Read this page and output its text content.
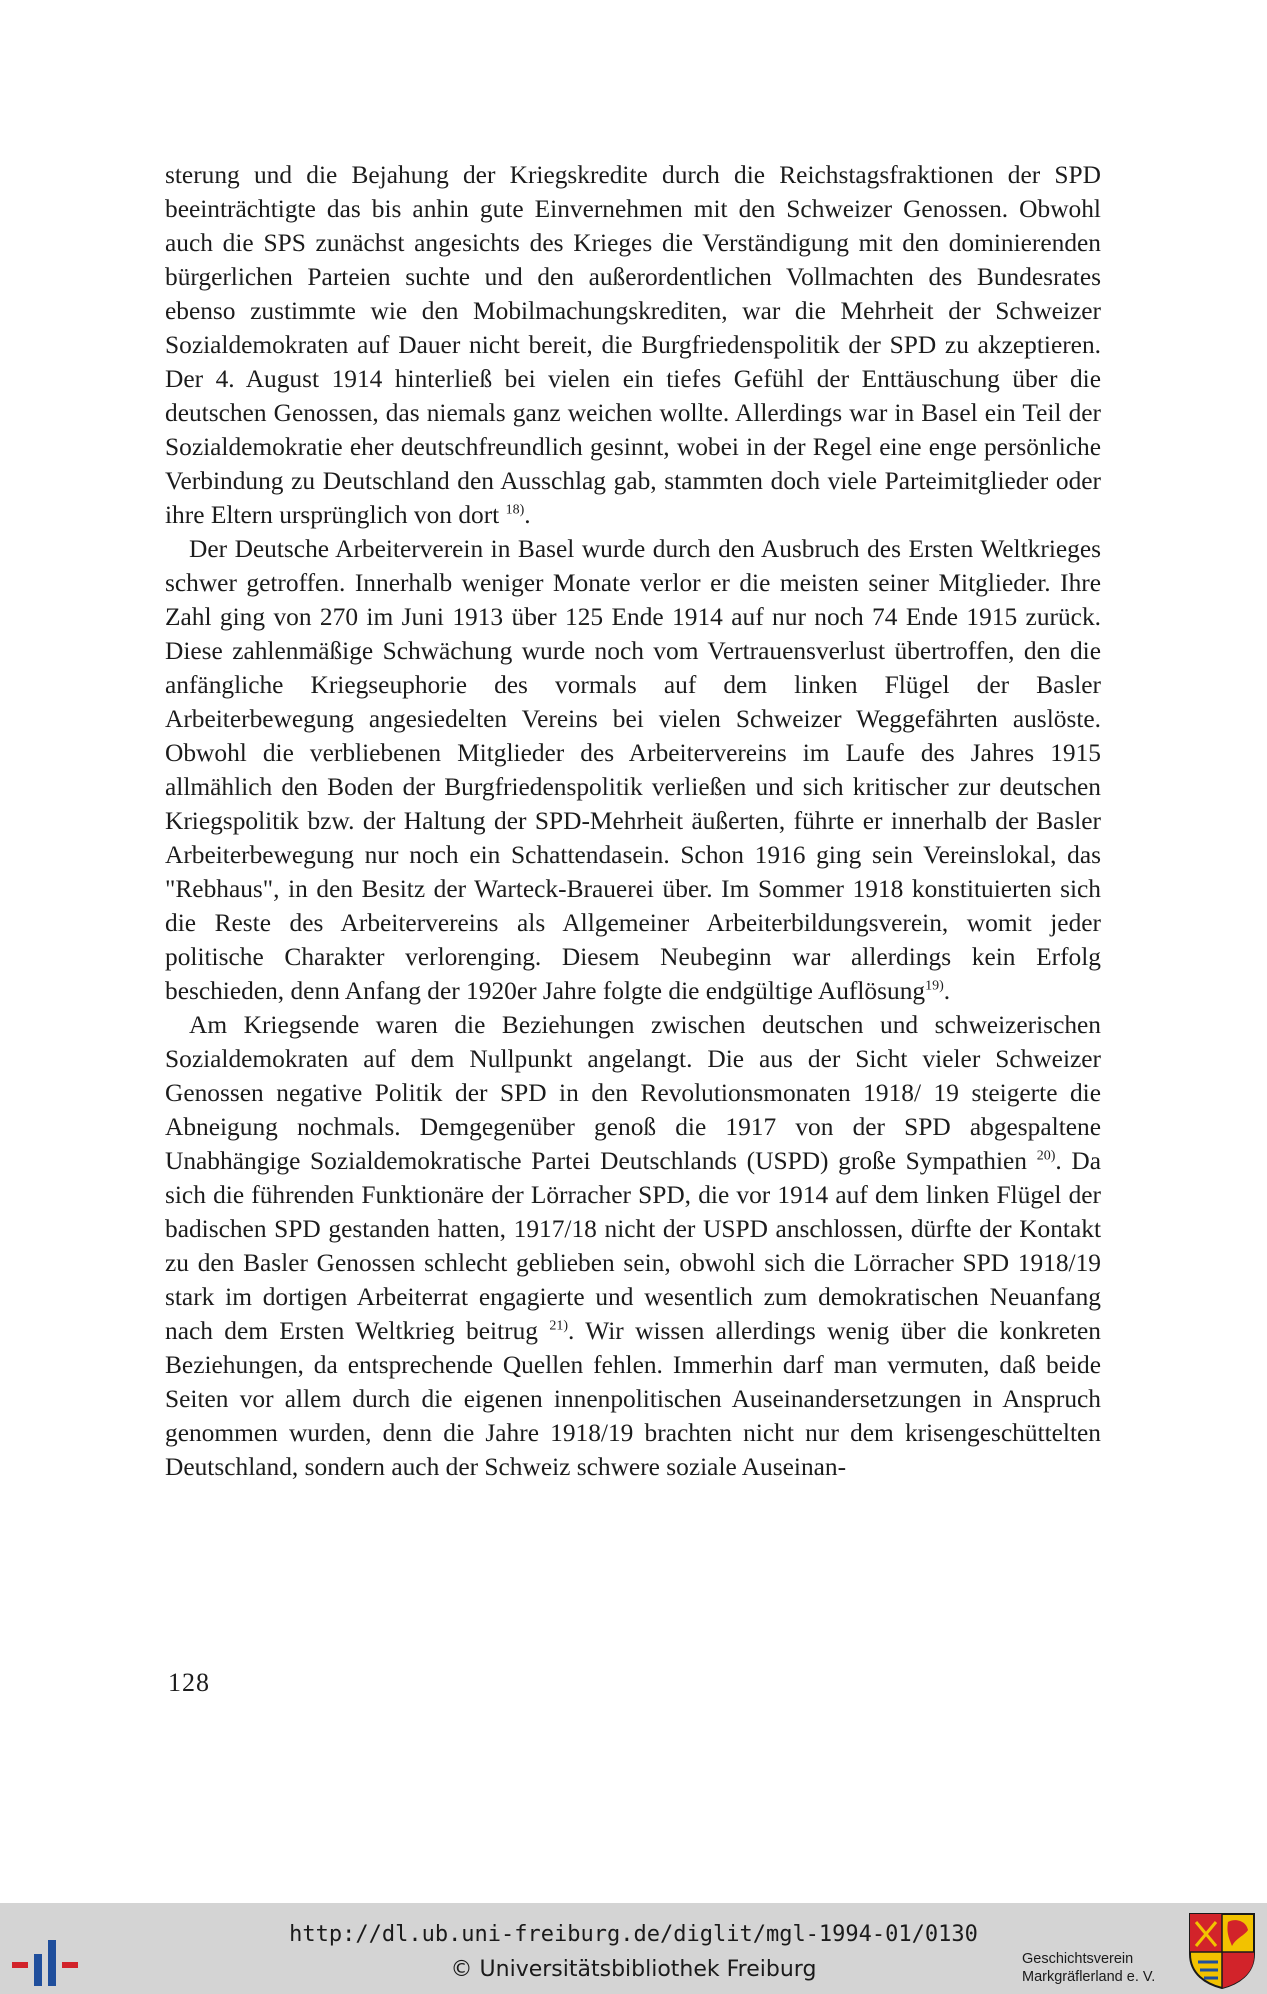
sterung und die Bejahung der Kriegskredite durch die Reichstagsfraktionen der SPD beeinträchtigte das bis anhin gute Einvernehmen mit den Schweizer Genossen. Obwohl auch die SPS zunächst angesichts des Krieges die Verständigung mit den dominierenden bürgerlichen Parteien suchte und den außerordentlichen Vollmachten des Bundesrates ebenso zustimmte wie den Mobilmachungskrediten, war die Mehrheit der Schweizer Sozialdemokraten auf Dauer nicht bereit, die Burgfriedenspolitik der SPD zu akzeptieren. Der 4. August 1914 hinterließ bei vielen ein tiefes Gefühl der Enttäuschung über die deutschen Genossen, das niemals ganz weichen wollte. Allerdings war in Basel ein Teil der Sozialdemokratie eher deutschfreundlich gesinnt, wobei in der Regel eine enge persönliche Verbindung zu Deutschland den Ausschlag gab, stammten doch viele Parteimitglieder oder ihre Eltern ursprünglich von dort $^{18)}$.

Der Deutsche Arbeiterverein in Basel wurde durch den Ausbruch des Ersten Weltkrieges schwer getroffen. Innerhalb weniger Monate verlor er die meisten seiner Mitglieder. Ihre Zahl ging von 270 im Juni 1913 über 125 Ende 1914 auf nur noch 74 Ende 1915 zurück. Diese zahlenmäßige Schwächung wurde noch vom Vertrauensverlust übertroffen, den die anfängliche Kriegseuphorie des vormals auf dem linken Flügel der Basler Arbeiterbewegung angesiedelten Vereins bei vielen Schweizer Weggefährten auslöste. Obwohl die verbliebenen Mitglieder des Arbeitervereins im Laufe des Jahres 1915 allmählich den Boden der Burgfriedenspolitik verließen und sich kritischer zur deutschen Kriegspolitik bzw. der Haltung der SPD-Mehrheit äußerten, führte er innerhalb der Basler Arbeiterbewegung nur noch ein Schattendasein. Schon 1916 ging sein Vereinslokal, das "Rebhaus", in den Besitz der Warteck-Brauerei über. Im Sommer 1918 konstituierten sich die Reste des Arbeitervereins als Allgemeiner Arbeiterbildungsverein, womit jeder politische Charakter verlorenging. Diesem Neubeginn war allerdings kein Erfolg beschieden, denn Anfang der 1920er Jahre folgte die endgültige Auflösung$^{19)}$.

Am Kriegsende waren die Beziehungen zwischen deutschen und schweizerischen Sozialdemokraten auf dem Nullpunkt angelangt. Die aus der Sicht vieler Schweizer Genossen negative Politik der SPD in den Revolutionsmonaten 1918/ 19 steigerte die Abneigung nochmals. Demgegenüber genoß die 1917 von der SPD abgespaltene Unabhängige Sozialdemokratische Partei Deutschlands (USPD) große Sympathien $^{20)}$. Da sich die führenden Funktionäre der Lörracher SPD, die vor 1914 auf dem linken Flügel der badischen SPD gestanden hatten, 1917/18 nicht der USPD anschlossen, dürfte der Kontakt zu den Basler Genossen schlecht geblieben sein, obwohl sich die Lörracher SPD 1918/19 stark im dortigen Arbeiterrat engagierte und wesentlich zum demokratischen Neuanfang nach dem Ersten Weltkrieg beitrug $^{21)}$. Wir wissen allerdings wenig über die konkreten Beziehungen, da entsprechende Quellen fehlen. Immerhin darf man vermuten, daß beide Seiten vor allem durch die eigenen innenpolitischen Auseinandersetzungen in Anspruch genommen wurden, denn die Jahre 1918/19 brachten nicht nur dem krisengeschüttelten Deutschland, sondern auch der Schweiz schwere soziale Auseinan-

128
http://dl.ub.uni-freiburg.de/diglit/mgl-1994-01/0130
© Universitätsbibliothek Freiburg	Geschichtsverein
Markgräflerland e. V.
